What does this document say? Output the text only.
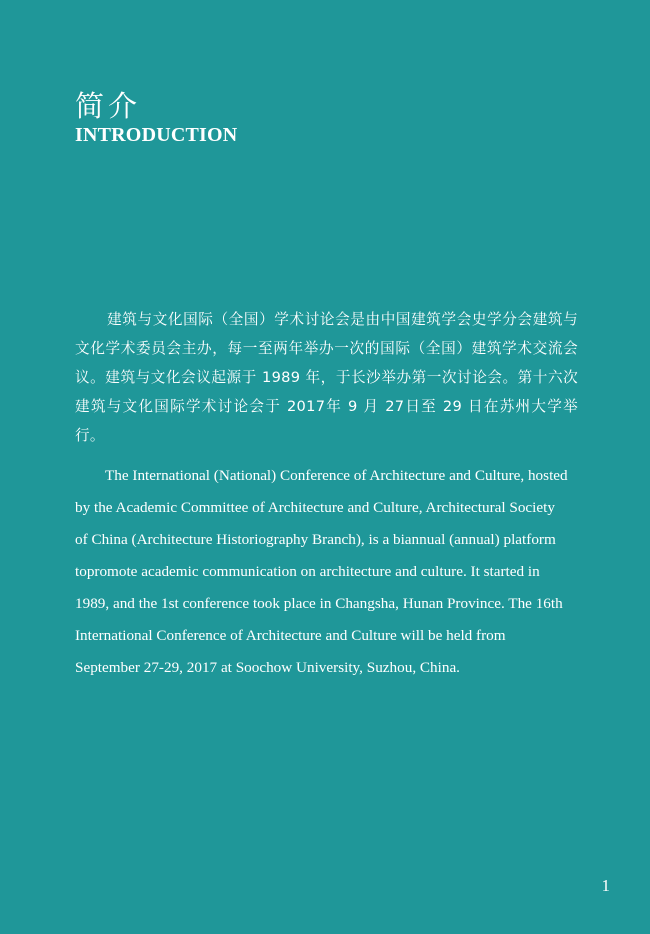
简介
INTRODUCTION

建筑与文化国际（全国）学术讨论会是由中国建筑学会史学分会建筑与文化学术委员会主办，每一至两年举办一次的国际（全国）建筑学术交流会议。建筑与文化会议起源于 1989 年，于长沙举办第一次讨论会。第十六次建筑与文化国际学术讨论会于 2017年 9 月 27日至 29 日在苏州大学举行。

The International (National) Conference of Architecture and Culture, hosted
by the Academic Committee of Architecture and Culture, Architectural Society
of China (Architecture Historiography Branch), is a biannual (annual) platform
topromote academic communication on architecture and culture. It started in
1989, and the 1st conference took place in Changsha, Hunan Province. The 16th
International Conference of Architecture and Culture will be held from
September 27-29, 2017 at Soochow University, Suzhou, China.

1
